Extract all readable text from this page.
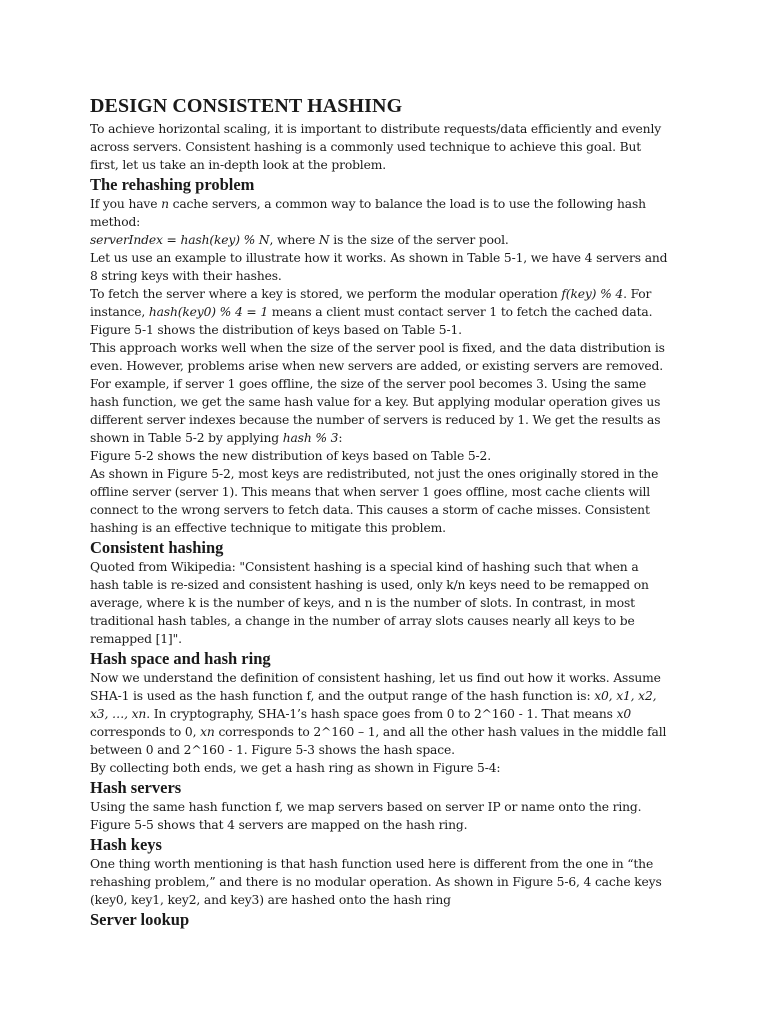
DESIGN CONSISTENT HASHING

To achieve horizontal scaling, it is important to distribute requests/data efficiently and evenly across servers. Consistent hashing is a commonly used technique to achieve this goal. But first, let us take an in-depth look at the problem.

The rehashing problem

If you have n cache servers, a common way to balance the load is to use the following hash method:

serverIndex = hash(key) % N, where N is the size of the server pool.

Let us use an example to illustrate how it works. As shown in Table 5-1, we have 4 servers and 8 string keys with their hashes.

To fetch the server where a key is stored, we perform the modular operation f(key) % 4. For instance, hash(key0) % 4 = 1 means a client must contact server 1 to fetch the cached data.

Figure 5-1 shows the distribution of keys based on Table 5-1.

This approach works well when the size of the server pool is fixed, and the data distribution is even. However, problems arise when new servers are added, or existing servers are removed. For example, if server 1 goes offline, the size of the server pool becomes 3. Using the same hash function, we get the same hash value for a key. But applying modular operation gives us different server indexes because the number of servers is reduced by 1. We get the results as shown in Table 5-2 by applying hash % 3:

Figure 5-2 shows the new distribution of keys based on Table 5-2.

As shown in Figure 5-2, most keys are redistributed, not just the ones originally stored in the offline server (server 1). This means that when server 1 goes offline, most cache clients will connect to the wrong servers to fetch data. This causes a storm of cache misses. Consistent hashing is an effective technique to mitigate this problem.

Consistent hashing

Quoted from Wikipedia: "Consistent hashing is a special kind of hashing such that when a hash table is re-sized and consistent hashing is used, only k/n keys need to be remapped on average, where k is the number of keys, and n is the number of slots. In contrast, in most traditional hash tables, a change in the number of array slots causes nearly all keys to be remapped [1]".

Hash space and hash ring

Now we understand the definition of consistent hashing, let us find out how it works. Assume SHA-1 is used as the hash function f, and the output range of the hash function is: x0, x1, x2, x3, …, xn. In cryptography, SHA-1’s hash space goes from 0 to 2^160 - 1. That means x0 corresponds to 0, xn corresponds to 2^160 – 1, and all the other hash values in the middle fall between 0 and 2^160 - 1. Figure 5-3 shows the hash space.

By collecting both ends, we get a hash ring as shown in Figure 5-4:

Hash servers

Using the same hash function f, we map servers based on server IP or name onto the ring. Figure 5-5 shows that 4 servers are mapped on the hash ring.

Hash keys

One thing worth mentioning is that hash function used here is different from the one in “the rehashing problem,” and there is no modular operation. As shown in Figure 5-6, 4 cache keys (key0, key1, key2, and key3) are hashed onto the hash ring

Server lookup
